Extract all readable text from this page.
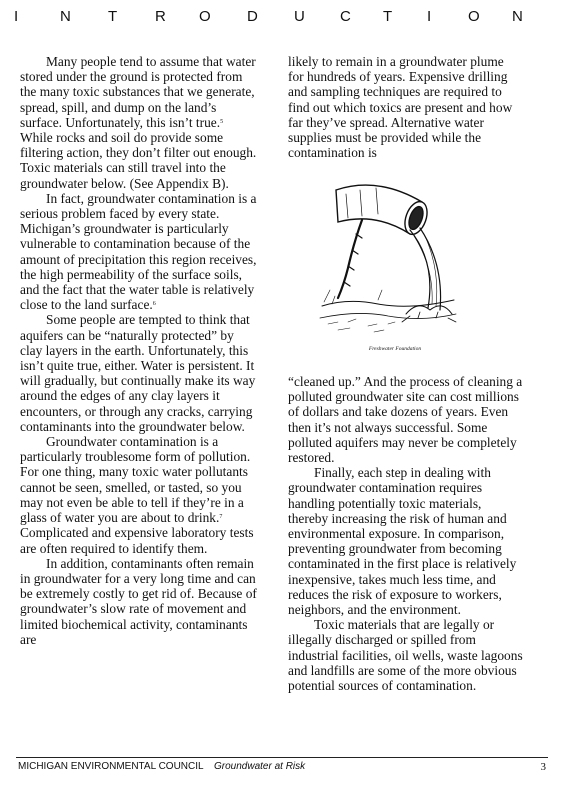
I	N T	R O D U C T I O N

Many people tend to assume that water stored under the ground is protected from the many toxic substances that we generate, spread, spill, and dump on the land’s surface. Unfortunately, this isn’t true.$^5$ While rocks and soil do provide some filtering action, they don’t filter out enough. Toxic materials can still travel into the groundwater below. (See Appendix B).

In fact, groundwater contamination is a serious problem faced by every state. Michigan’s groundwater is particularly vulnerable to contamination because of the amount of precipitation this region receives, the high permeability of the surface soils, and the fact that the water table is relatively close to the land surface.$^6$

Some people are tempted to think that aquifers can be “naturally protected” by clay layers in the earth. Unfortunately, this isn’t quite true, either. Water is persistent. It will gradually, but continually make its way around the edges of any clay layers it encounters, or through any cracks, carrying contaminants into the groundwater below.

Groundwater contamination is a particularly troublesome form of pollution. For one thing, many toxic water pollutants cannot be seen, smelled, or tasted, so you may not even be able to tell if they’re in a glass of water you are about to drink.$^7$ Complicated and expensive laboratory tests are often required to identify them.

In addition, contaminants often remain in groundwater for a very long time and can be extremely costly to get rid of. Because of groundwater’s slow rate of movement and limited biochemical activity, contaminants are

likely to remain in a groundwater plume for hundreds of years. Expensive drilling and sampling techniques are required to find out which toxics are present and how far they’ve spread. Alternative water supplies must be provided while the contamination is

Freshwater Foundation

“cleaned up.” And the process of cleaning a polluted groundwater site can cost millions of dollars and take dozens of years. Even then it’s not always successful. Some polluted aquifers may never be completely restored.

Finally, each step in dealing with groundwater contamination requires handling potentially toxic materials, thereby increasing the risk of human and environmental exposure. In comparison, preventing groundwater from becoming contaminated in the first place is relatively inexpensive, takes much less time, and reduces the risk of exposure to workers, neighbors, and the environment.

Toxic materials that are legally or illegally discharged or spilled from industrial facilities, oil wells, waste lagoons and landfills are some of the more obvious potential sources of contamination.

MICHIGAN ENVIRONMENTAL COUNCIL Groundwater at Risk	3
